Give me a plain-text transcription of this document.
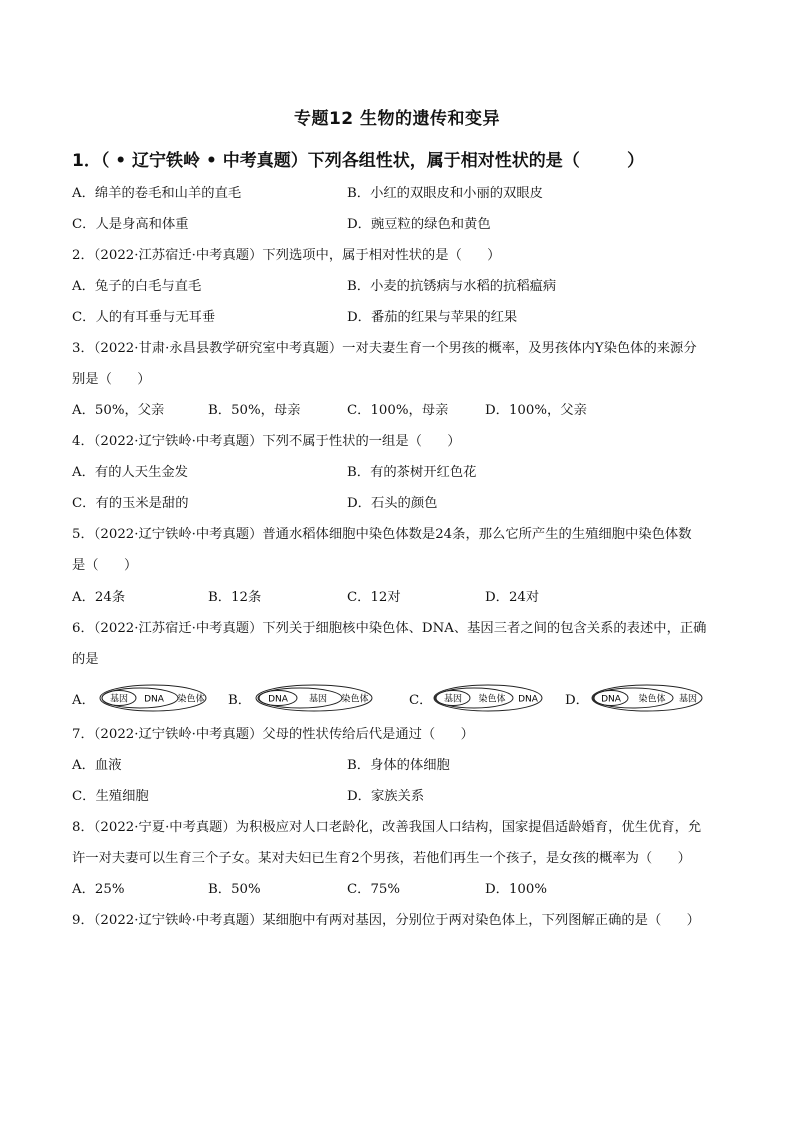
专题12 生物的遗传和变异
1．（ • 辽宁铁岭 • 中考真题）下列各组性状，属于相对性状的是（        ）
A．绵羊的卷毛和山羊的直毛	B．小红的双眼皮和小丽的双眼皮
C．人是身高和体重	D．豌豆粒的绿色和黄色
2．（2022·江苏宿迁·中考真题）下列选项中，属于相对性状的是（      ）
A．兔子的白毛与直毛	B．小麦的抗锈病与水稻的抗稻瘟病
C．人的有耳垂与无耳垂	D．番茄的红果与苹果的红果
3．（2022·甘肃·永昌县教学研究室中考真题）一对夫妻生育一个男孩的概率，及男孩体内Y染色体的来源分
别是（      ）
A．50%，父亲	B．50%，母亲	C．100%，母亲	D．100%，父亲
4．（2022·辽宁铁岭·中考真题）下列不属于性状的一组是（      ）
A．有的人天生金发	B．有的茶树开红色花
C．有的玉米是甜的	D．石头的颜色
5．（2022·辽宁铁岭·中考真题）普通水稻体细胞中染色体数是24条，那么它所产生的生殖细胞中染色体数
是（      ）
A．24条	B．12条	C．12对	D．24对
6．（2022·江苏宿迁·中考真题）下列关于细胞核中染色体、DNA、基因三者之间的包含关系的表述中，正确
的是
A． 基因 DNA 染色体 B． DNA 基因 染色体	C． 基因 染色体 DNA D． DNA 染色体 基因
7．（2022·辽宁铁岭·中考真题）父母的性状传给后代是通过（      ）
A．血液	B．身体的体细胞
C．生殖细胞	D．家族关系
8．（2022·宁夏·中考真题）为积极应对人口老龄化，改善我国人口结构，国家提倡适龄婚育，优生优育，允
许一对夫妻可以生育三个子女。某对夫妇已生育2个男孩，若他们再生一个孩子，是女孩的概率为（      ）
A．25%	B．50%	C．75%	D．100%
9．（2022·辽宁铁岭·中考真题）某细胞中有两对基因，分别位于两对染色体上，下列图解正确的是（      ）
